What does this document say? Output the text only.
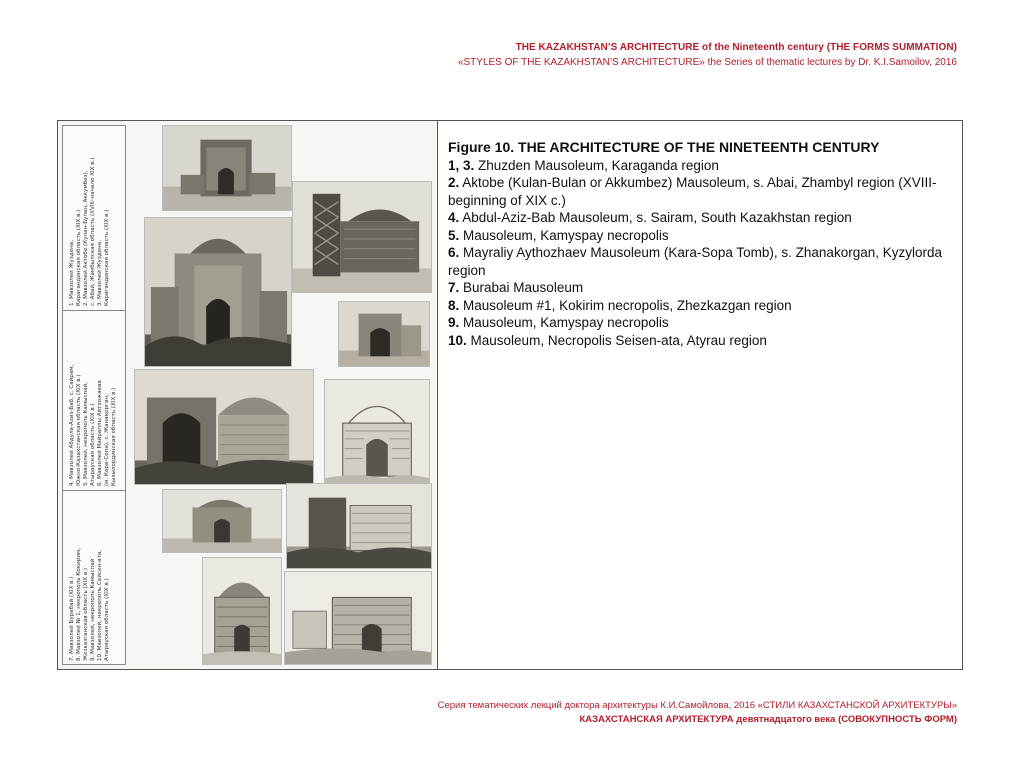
THE KAZAKHSTAN’S ARCHITECTURE of the Nineteenth century (THE FORMS SUMMATION)
«STYLES OF THE KAZAKHSTAN’S ARCHITECTURE» the Series of thematic lectures by Dr. K.I.Samoilov, 2016
1. Мавзолей Жуздена,
Карагандинская область (XIX в.)
2. Мавзолей Актобе (Кулан-Булан, Аккумбез),
с. Абай, Жамбылская область (XVIII–начало XIX в.)
3. Мавзолей Жуздена,
Карагандинская область (XIX в.)
4. Мавзолей Абдула-Азиз-Баб, с. Сайрам,
Южно-Казахстанская область (XIX в.)
5. Мавзолей, некрополь Камыспай,
Атырауская область (XIX в.)
6. Мавзолей Майраллы Айтхожаева
(м. Кара-Сопа), с. Жанакорган,
Кызылординская область (XIX в.)
7. Мавзолей Бурабай (XIX в.)
8. Мавзолей № 1, некрополь Кокирим,
Жезказганская область (XIX в.)
9. Мавзолей, некрополь Камыспай
10. Мавзолей, некрополь Сейсен-ата,
Атырауская область (XIX в.)
Figure 10. THE ARCHITECTURE OF THE NINETEENTH CENTURY
1, 3. Zhuzden Mausoleum, Karaganda region
2. Aktobe (Kulan-Bulan or Akkumbez) Mausoleum, s. Abai, Zhambyl region (XVIII-beginning of XIX c.)
4. Abdul-Aziz-Bab Mausoleum, s. Sairam, South Kazakhstan region
5. Mausoleum, Kamyspay necropolis
6. Mayraliy Aythozhaev Mausoleum (Kara-Sopa Tomb), s. Zhanakorgan, Kyzylorda region
7. Burabai Mausoleum
8. Mausoleum #1, Kokirim necropolis, Zhezkazgan region
9. Mausoleum, Kamyspay necropolis
10. Mausoleum, Necropolis Seisen-ata, Atyrau region
Серия тематических лекций доктора архитектуры К.И.Самойлова, 2016 «СТИЛИ КАЗАХСТАНСКОЙ АРХИТЕКТУРЫ»
КАЗАХСТАНСКАЯ АРХИТЕКТУРА девятнадцатого века (СОВОКУПНОСТЬ ФОРМ)
